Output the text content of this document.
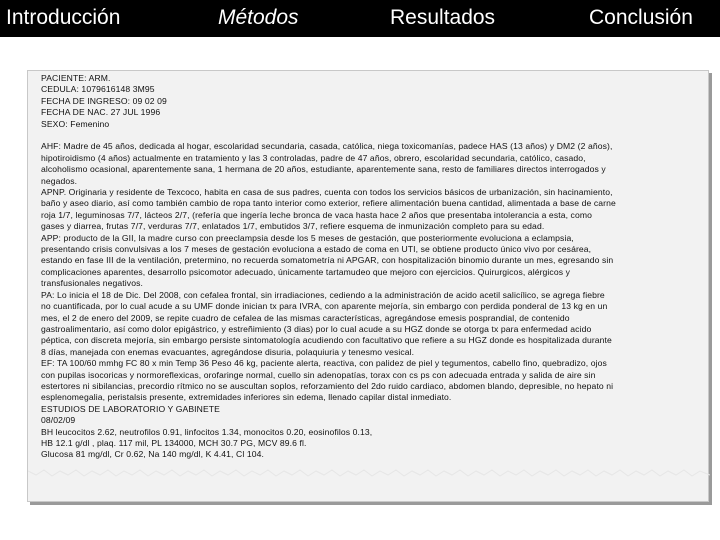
Introducción	Métodos	Resultados	Conclusión
PACIENTE: ARM.
CEDULA: 1079616148 3M95
FECHA DE INGRESO: 09 02 09
FECHA DE NAC. 27 JUL 1996
SEXO: Femenino
AHF: Madre de 45 años, dedicada al hogar, escolaridad secundaria, casada, católica, niega toxicomanías, padece HAS (13 años) y DM2 (2 años),
hipotiroidismo (4 años) actualmente en tratamiento y las 3 controladas, padre de 47 años, obrero, escolaridad secundaria, católico, casado,
alcoholismo ocasional, aparentemente sana, 1 hermana de 20 años, estudiante, aparentemente sana, resto de familiares directos interrogados y
negados.
APNP. Originaria y residente de Texcoco, habita en casa de sus padres, cuenta con todos los servicios básicos de urbanización, sin hacinamiento,
baño y aseo diario, así como también cambio de ropa tanto interior como exterior, refiere alimentación buena cantidad, alimentada a base de carne
roja 1/7, leguminosas 7/7, lácteos 2/7, (refería que ingería leche bronca de vaca hasta hace 2 años que presentaba intolerancia a esta, como
gases y diarrea, frutas 7/7, verduras 7/7, enlatados 1/7, embutidos 3/7, refiere esquema de inmunización completo para su edad.
APP: producto de la GII, la madre curso con preeclampsia desde los 5 meses de gestación, que posteriormente evoluciona a eclampsia,
presentando crisis convulsivas a los 7 meses de gestación evoluciona a estado de coma en UTI, se obtiene producto único vivo por cesárea,
estando en fase III de la ventilación, pretermino, no recuerda somatometría ni APGAR, con hospitalización binomio durante un mes, egresando sin
complicaciones aparentes, desarrollo psicomotor adecuado, únicamente tartamudeo que mejoro con ejercicios. Quirurgicos, alérgicos y
transfusionales negativos.
PA: Lo inicia el 18 de Dic. Del 2008, con cefalea frontal, sin irradiaciones, cediendo a la administración de acido acetil salicílico, se agrega fiebre
no cuantificada, por lo cual acude a su UMF donde inician tx para IVRA, con aparente mejoría, sin embargo con perdida ponderal de 13 kg en un
mes, el 2 de enero del 2009, se repite cuadro de cefalea de las mismas características, agregándose emesis posprandial, de contenido
gastroalimentario, así como dolor epigástrico, y estreñimiento (3 dias) por lo cual acude a su HGZ donde se otorga tx para enfermedad acido
péptica, con discreta mejoría, sin embargo persiste sintomatología acudiendo con facultativo que refiere a su HGZ donde es hospitalizada durante
8 días, manejada con enemas evacuantes, agregándose disuria, polaquiuria y tenesmo vesical.
EF: TA 100/60 mmhg FC 80 x min Temp 36 Peso 46 kg, paciente alerta, reactiva, con palidez de piel y tegumentos, cabello fino, quebradizo, ojos
con pupilas isocoricas y normoreflexicas, orofaringe normal, cuello sin adenopatías, torax con cs ps con adecuada entrada y salida de aire sin
estertores ni sibilancias, precordio rítmico no se auscultan soplos, reforzamiento del 2do ruido cardiaco, abdomen blando, depresible, no hepato ni
esplenomegalia, peristalsis presente, extremidades inferiores sin edema, llenado capilar distal inmediato.
ESTUDIOS DE LABORATORIO Y GABINETE
08/02/09
BH leucocitos 2.62, neutrofilos 0.91, linfocitos 1.34, monocitos 0.20, eosinofilos 0.13,
HB 12.1 g/dl , plaq. 117 mil, PL 134000, MCH 30.7 PG, MCV 89.6 fl.
Glucosa 81 mg/dl, Cr 0.62, Na 140 mg/dl, K 4.41, Cl 104.
